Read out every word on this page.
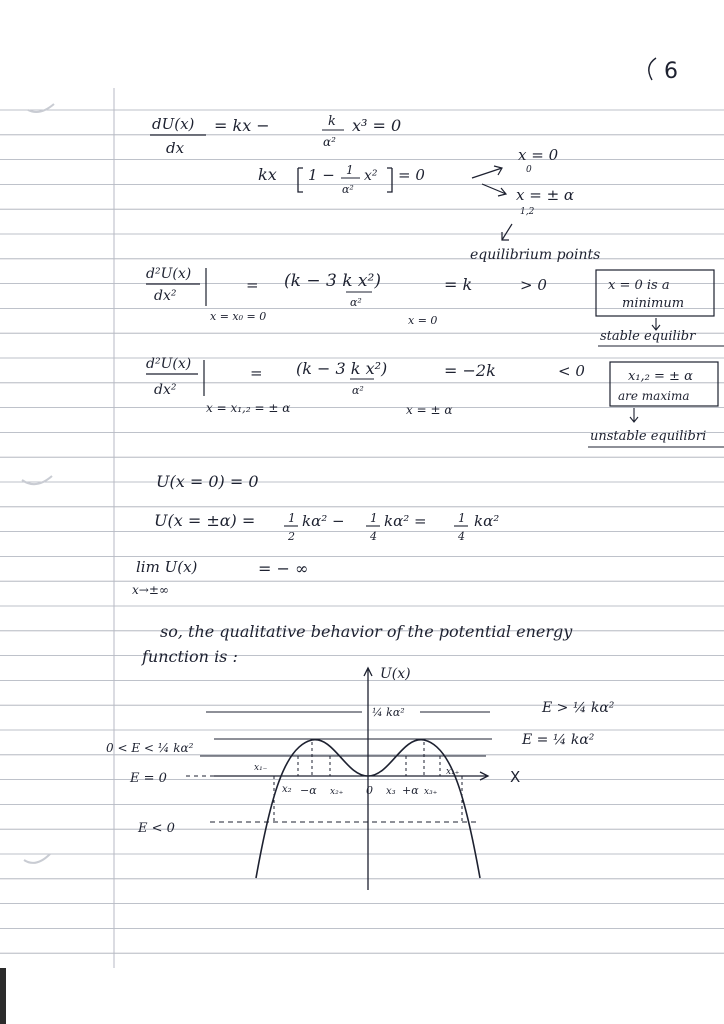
6
dU(x)
dx
= kx −	k
α²
x³ = 0
kx 1 − 1
α²
x² = 0
x = 0
0
x = ± α
1,2
equilibrium points
d²U(x)
dx²
x = x₀ = 0
= (k − 3 k x²)
α²
x = 0
= k	> 0	x = 0 is a
minimum
stable equilibr
d²U(x)
dx²
x = x₁,₂ = ± α
= (k − 3 k x²)
α²
x = ± α
= −2k	< 0	x₁,₂ = ± α
are maxima
unstable equilibri
U(x = 0) = 0
U(x = ±α) =	1
2
kα² − 1
4
kα² =	1
4
kα²
lim U(x)	= − ∞
x→±∞
so, the qualitative behavior of the potential energy
function is :
U(x)
X
¼ kα²	E > ¼ kα²
E = ¼ kα²
0 < E < ¼ kα²
E = 0
E < 0
x₁₋
x₂ −α x₂₊ 0 x₃ +α x₃₊
x₁₊
